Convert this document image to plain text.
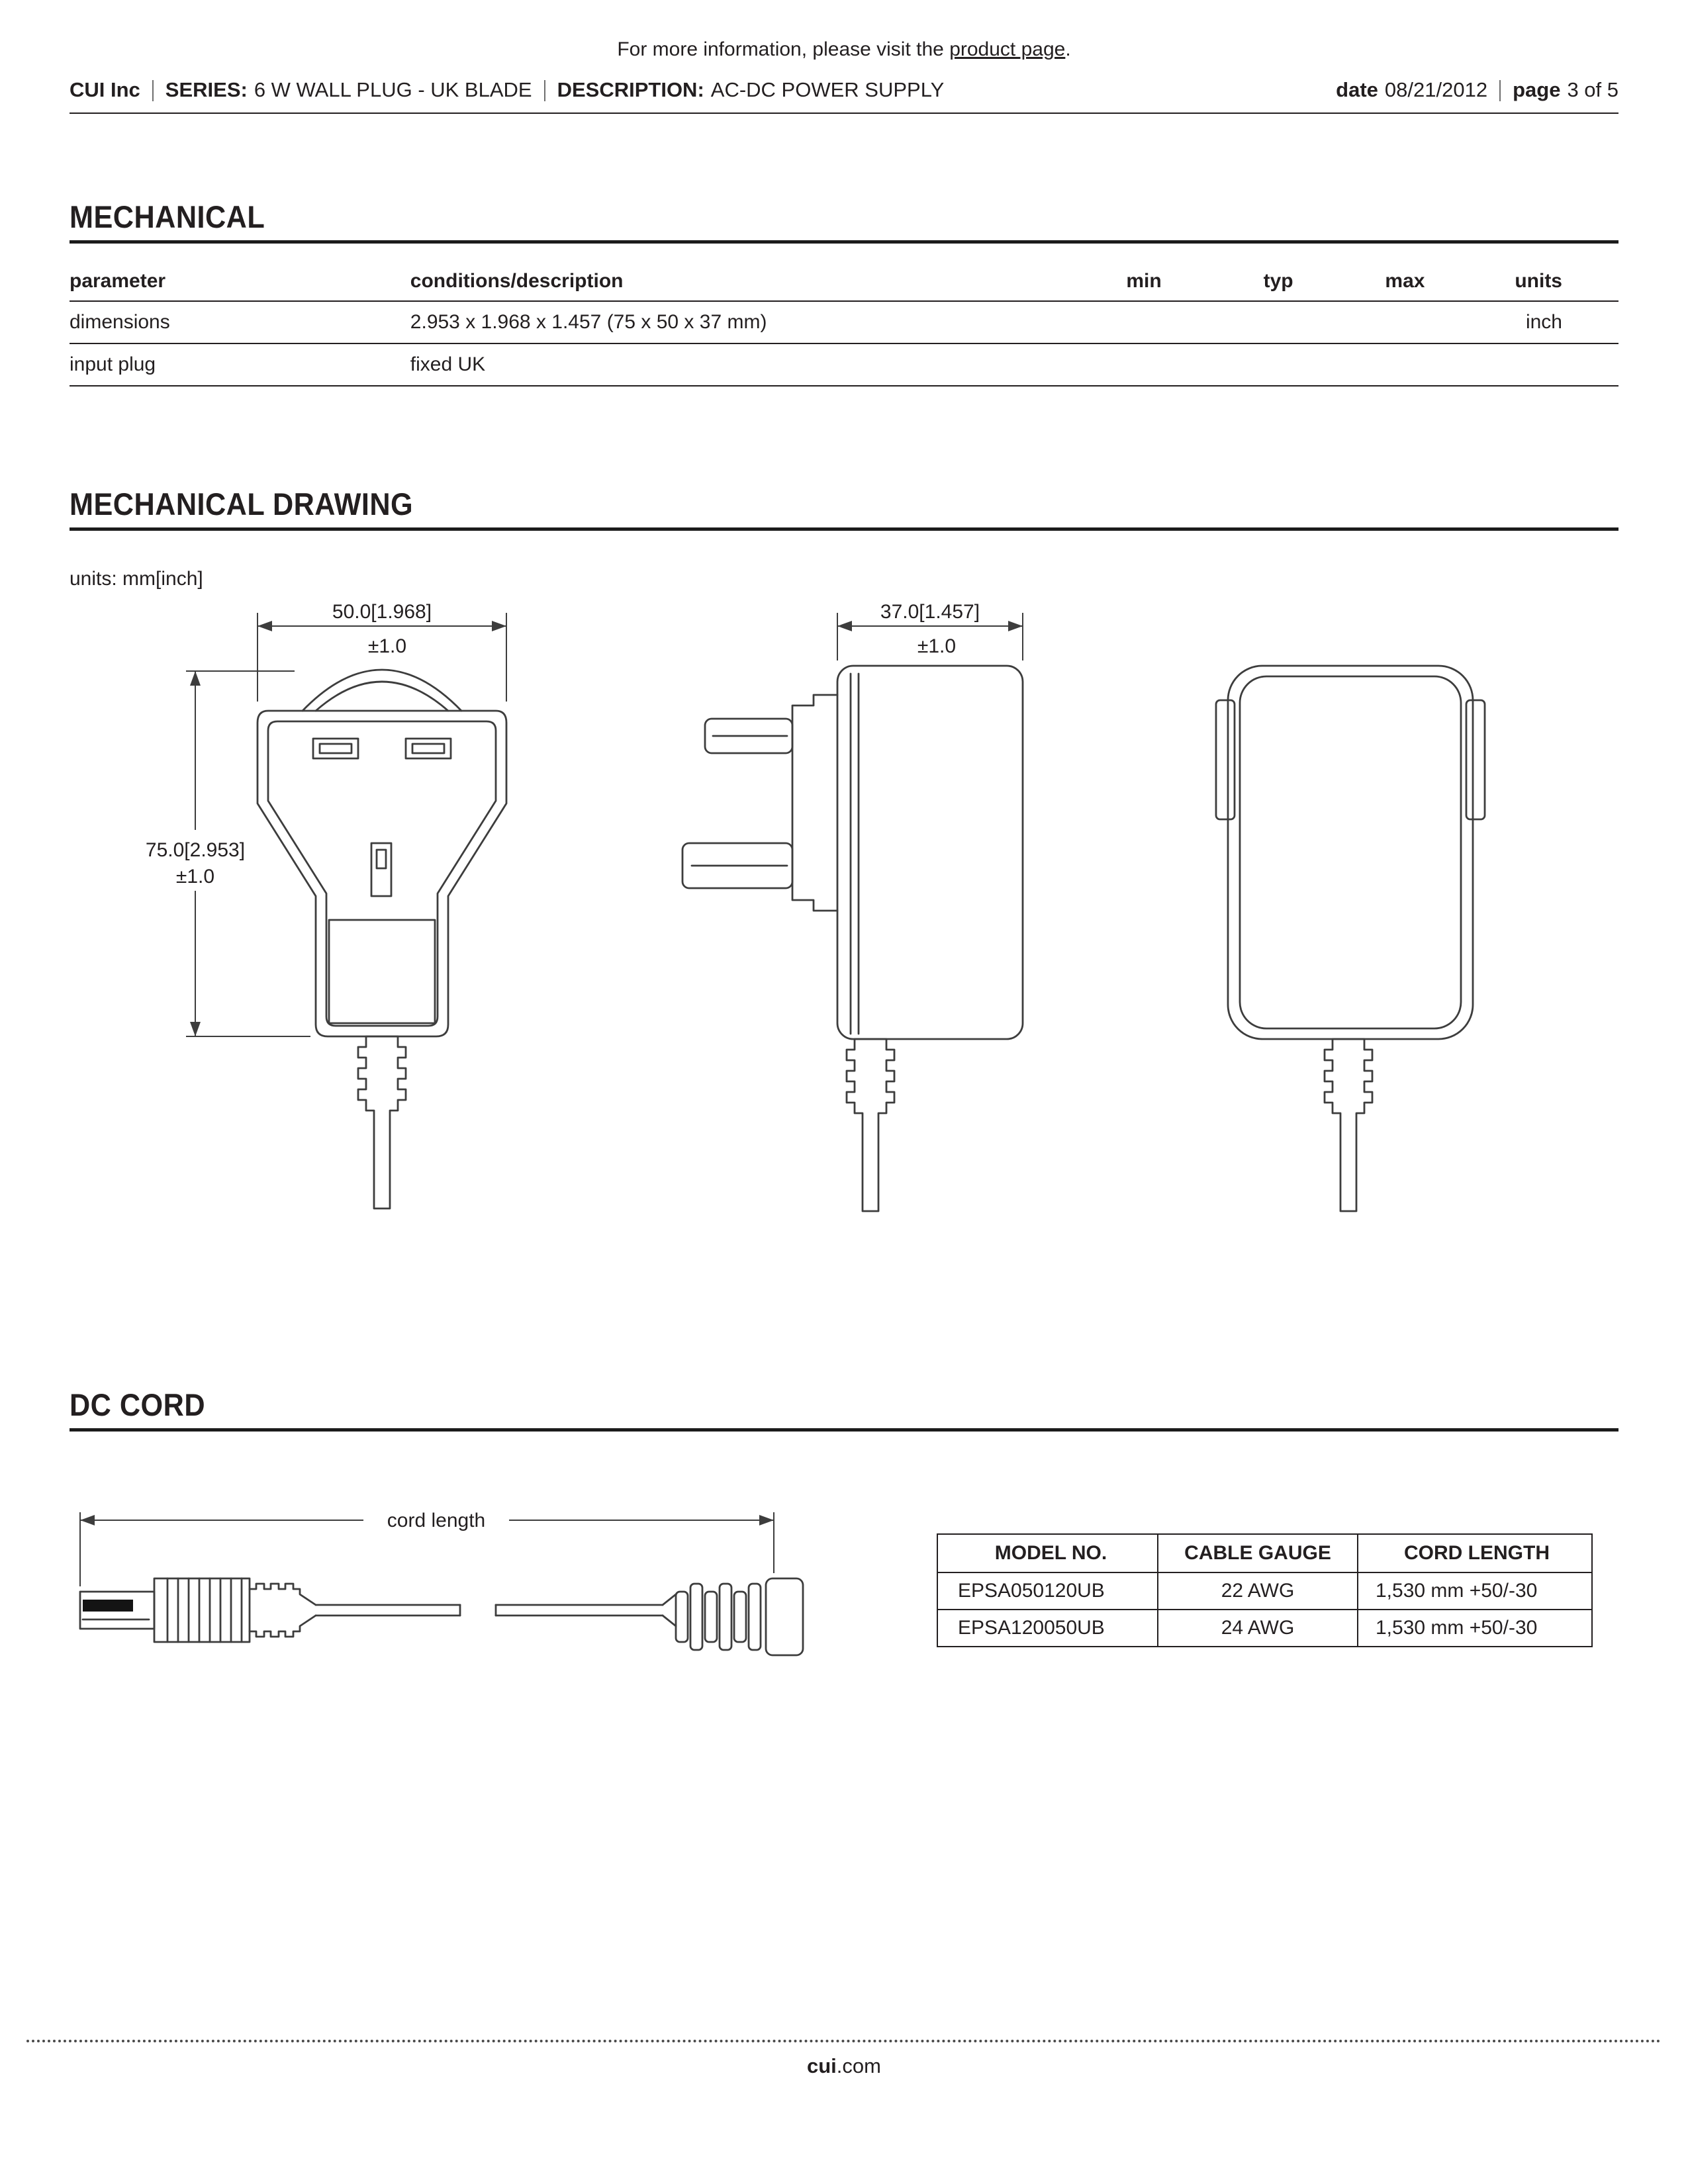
For more information, please visit the product page.
CUI Inc SERIES: 6 W WALL PLUG - UK BLADE DESCRIPTION: AC-DC POWER SUPPLY	date 08/21/2012 page 3 of 5
MECHANICAL
parameter	conditions/description	min	typ	max	units
dimensions	2.953 x 1.968 x 1.457 (75 x 50 x 37 mm)				inch
input plug	fixed UK				
MECHANICAL DRAWING
units: mm[inch]
50.0[1.968]
±1.0
75.0[2.953]
±1.0
37.0[1.457]
±1.0
DC CORD
cord length
MODEL NO.	CABLE GAUGE	CORD LENGTH
EPSA050120UB	22 AWG	1,530 mm +50/-30
EPSA120050UB	24 AWG	1,530 mm +50/-30
cui.com
